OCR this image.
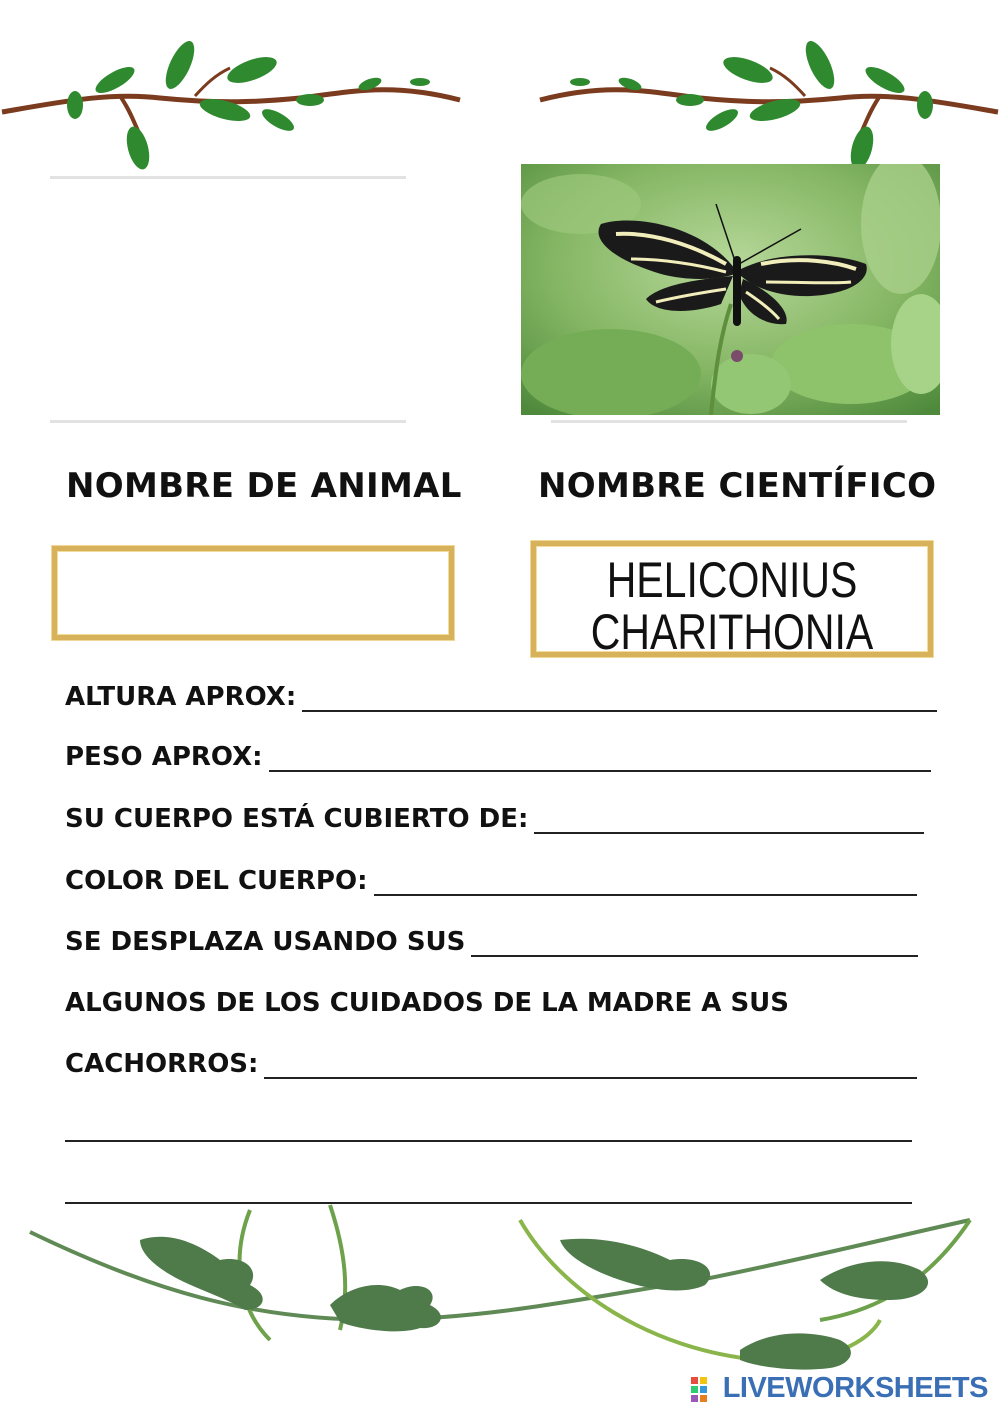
NOMBRE DE ANIMAL NOMBRE CIENTÍFICO
HELICONIUS
CHARITHONIA
ALTURA APROX:
PESO APROX:
SU CUERPO ESTÁ CUBIERTO DE:
COLOR DEL CUERPO:
SE DESPLAZA USANDO SUS
ALGUNOS DE LOS CUIDADOS DE LA MADRE A SUS
CACHORROS:
LIVEWORKSHEETS
